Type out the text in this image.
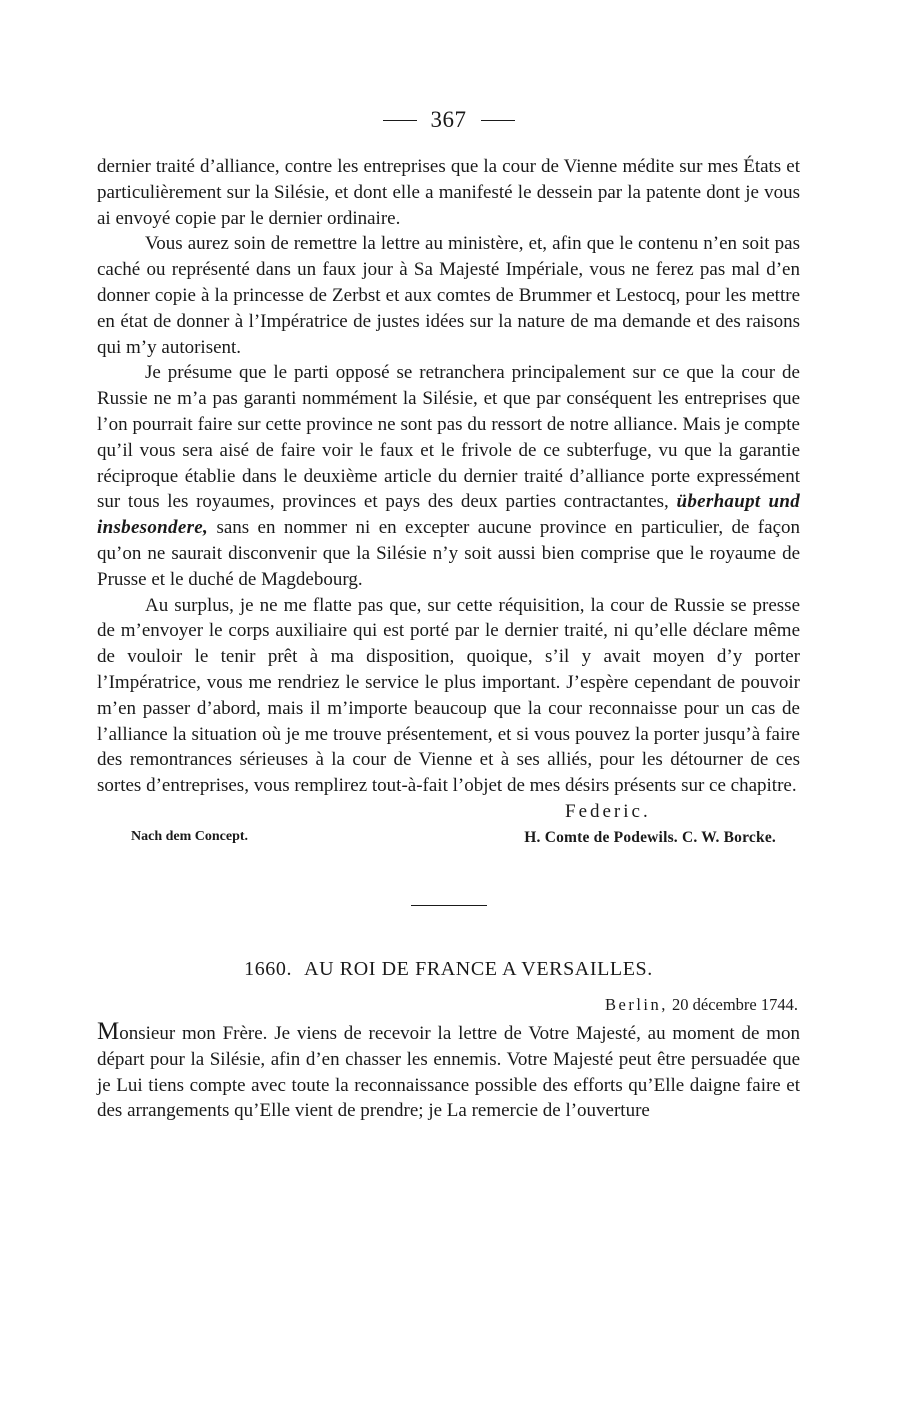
367

dernier traité d’alliance, contre les entreprises que la cour de Vienne médite sur mes États et particulièrement sur la Silésie, et dont elle a manifesté le dessein par la patente dont je vous ai envoyé copie par le dernier ordinaire.

Vous aurez soin de remettre la lettre au ministère, et, afin que le contenu n’en soit pas caché ou représenté dans un faux jour à Sa Majesté Impériale, vous ne ferez pas mal d’en donner copie à la princesse de Zerbst et aux comtes de Brummer et Lestocq, pour les mettre en état de donner à l’Impératrice de justes idées sur la nature de ma demande et des raisons qui m’y autorisent.

Je présume que le parti opposé se retranchera principalement sur ce que la cour de Russie ne m’a pas garanti nommément la Silésie, et que par conséquent les entreprises que l’on pourrait faire sur cette province ne sont pas du ressort de notre alliance. Mais je compte qu’il vous sera aisé de faire voir le faux et le frivole de ce subterfuge, vu que la garantie réciproque établie dans le deuxième article du dernier traité d’alliance porte expressément sur tous les royaumes, provinces et pays des deux parties contractantes, überhaupt und insbesondere, sans en nommer ni en excepter aucune province en particulier, de façon qu’on ne saurait disconvenir que la Silésie n’y soit aussi bien comprise que le royaume de Prusse et le duché de Magdebourg.

Au surplus, je ne me flatte pas que, sur cette réquisition, la cour de Russie se presse de m’envoyer le corps auxiliaire qui est porté par le dernier traité, ni qu’elle déclare même de vouloir le tenir prêt à ma disposition, quoique, s’il y avait moyen d’y porter l’Impératrice, vous me rendriez le service le plus important. J’espère cependant de pouvoir m’en passer d’abord, mais il m’importe beaucoup que la cour reconnaisse pour un cas de l’alliance la situation où je me trouve présentement, et si vous pouvez la porter jusqu’à faire des remontrances sérieuses à la cour de Vienne et à ses alliés, pour les détourner de ces sortes d’entreprises, vous remplirez tout-à-fait l’objet de mes désirs présents sur ce chapitre.

Federic.
Nach dem Concept.	H. Comte de Podewils. C. W. Borcke.
1660. AU ROI DE FRANCE A VERSAILLES.
Berlin, 20 décembre 1744.

Monsieur mon Frère. Je viens de recevoir la lettre de Votre Majesté, au moment de mon départ pour la Silésie, afin d’en chasser les ennemis. Votre Majesté peut être persuadée que je Lui tiens compte avec toute la reconnaissance possible des efforts qu’Elle daigne faire et des arrangements qu’Elle vient de prendre; je La remercie de l’ouverture
